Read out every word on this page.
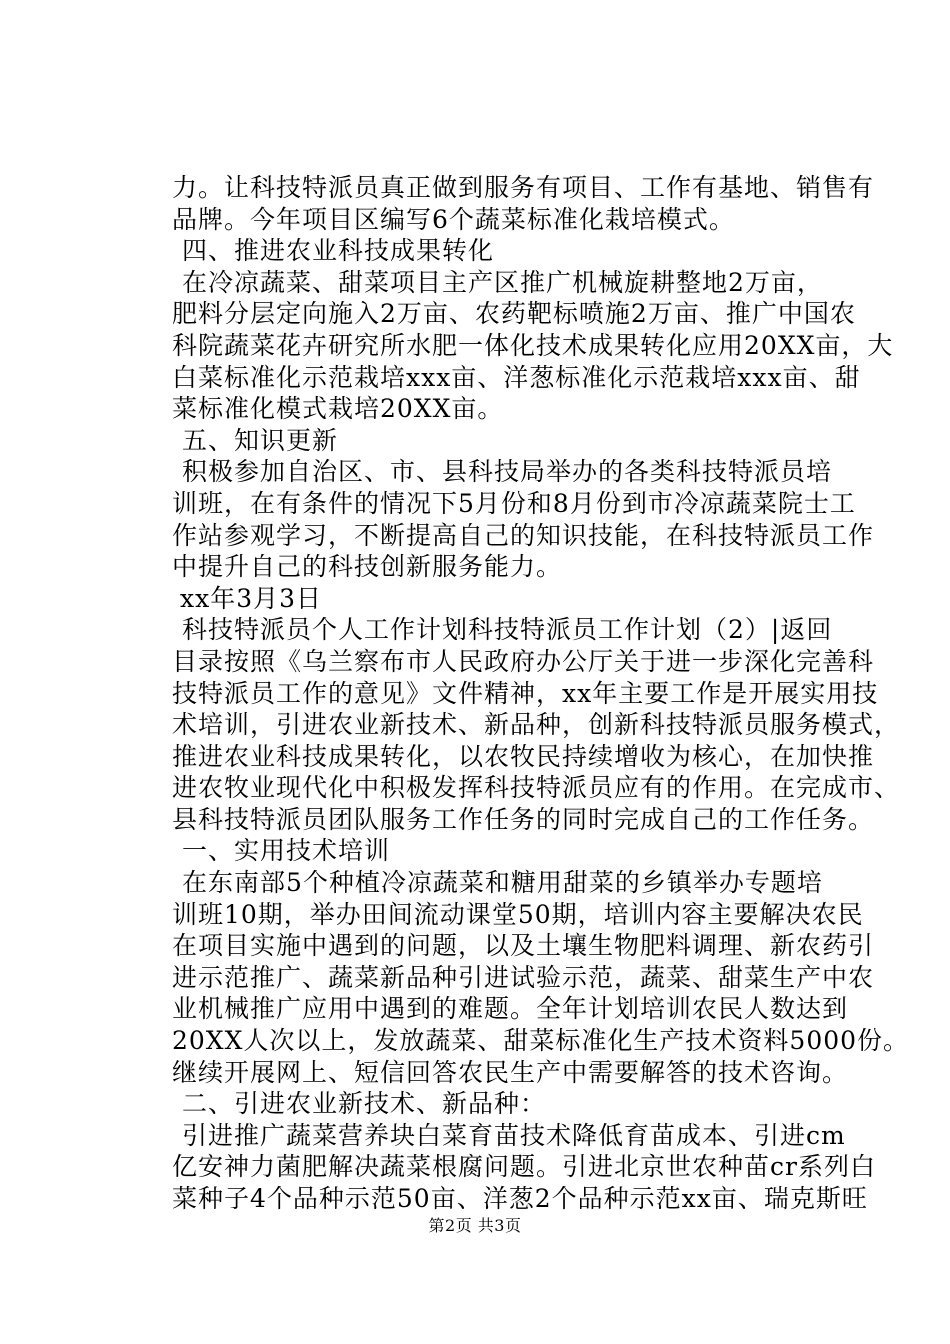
力。让科技特派员真正做到服务有项目、工作有基地、销售有
品牌。今年项目区编写6个蔬菜标准化栽培模式。
四、推进农业科技成果转化
在冷凉蔬菜、甜菜项目主产区推广机械旋耕整地2万亩，
肥料分层定向施入2万亩、农药靶标喷施2万亩、推广中国农
科院蔬菜花卉研究所水肥一体化技术成果转化应用20XX亩，大
白菜标准化示范栽培xxx亩、洋葱标准化示范栽培xxx亩、甜
菜标准化模式栽培20XX亩。
五、知识更新
积极参加自治区、市、县科技局举办的各类科技特派员培
训班，在有条件的情况下5月份和8月份到市冷凉蔬菜院士工
作站参观学习，不断提高自己的知识技能，在科技特派员工作
中提升自己的科技创新服务能力。
xx年3月3日
科技特派员个人工作计划科技特派员工作计划（2）|返回
目录按照《乌兰察布市人民政府办公厅关于进一步深化完善科
技特派员工作的意见》文件精神，xx年主要工作是开展实用技
术培训，引进农业新技术、新品种，创新科技特派员服务模式，
推进农业科技成果转化，以农牧民持续增收为核心，在加快推
进农牧业现代化中积极发挥科技特派员应有的作用。在完成市、
县科技特派员团队服务工作任务的同时完成自己的工作任务。
一、实用技术培训
在东南部5个种植冷凉蔬菜和糖用甜菜的乡镇举办专题培
训班10期，举办田间流动课堂50期，培训内容主要解决农民
在项目实施中遇到的问题，以及土壤生物肥料调理、新农药引
进示范推广、蔬菜新品种引进试验示范，蔬菜、甜菜生产中农
业机械推广应用中遇到的难题。全年计划培训农民人数达到
20XX人次以上，发放蔬菜、甜菜标准化生产技术资料5000份。
继续开展网上、短信回答农民生产中需要解答的技术咨询。
二、引进农业新技术、新品种：
引进推广蔬菜营养块白菜育苗技术降低育苗成本、引进cm
亿安神力菌肥解决蔬菜根腐问题。引进北京世农种苗cr系列白
菜种子4个品种示范50亩、洋葱2个品种示范xx亩、瑞克斯旺
第2页 共3页
